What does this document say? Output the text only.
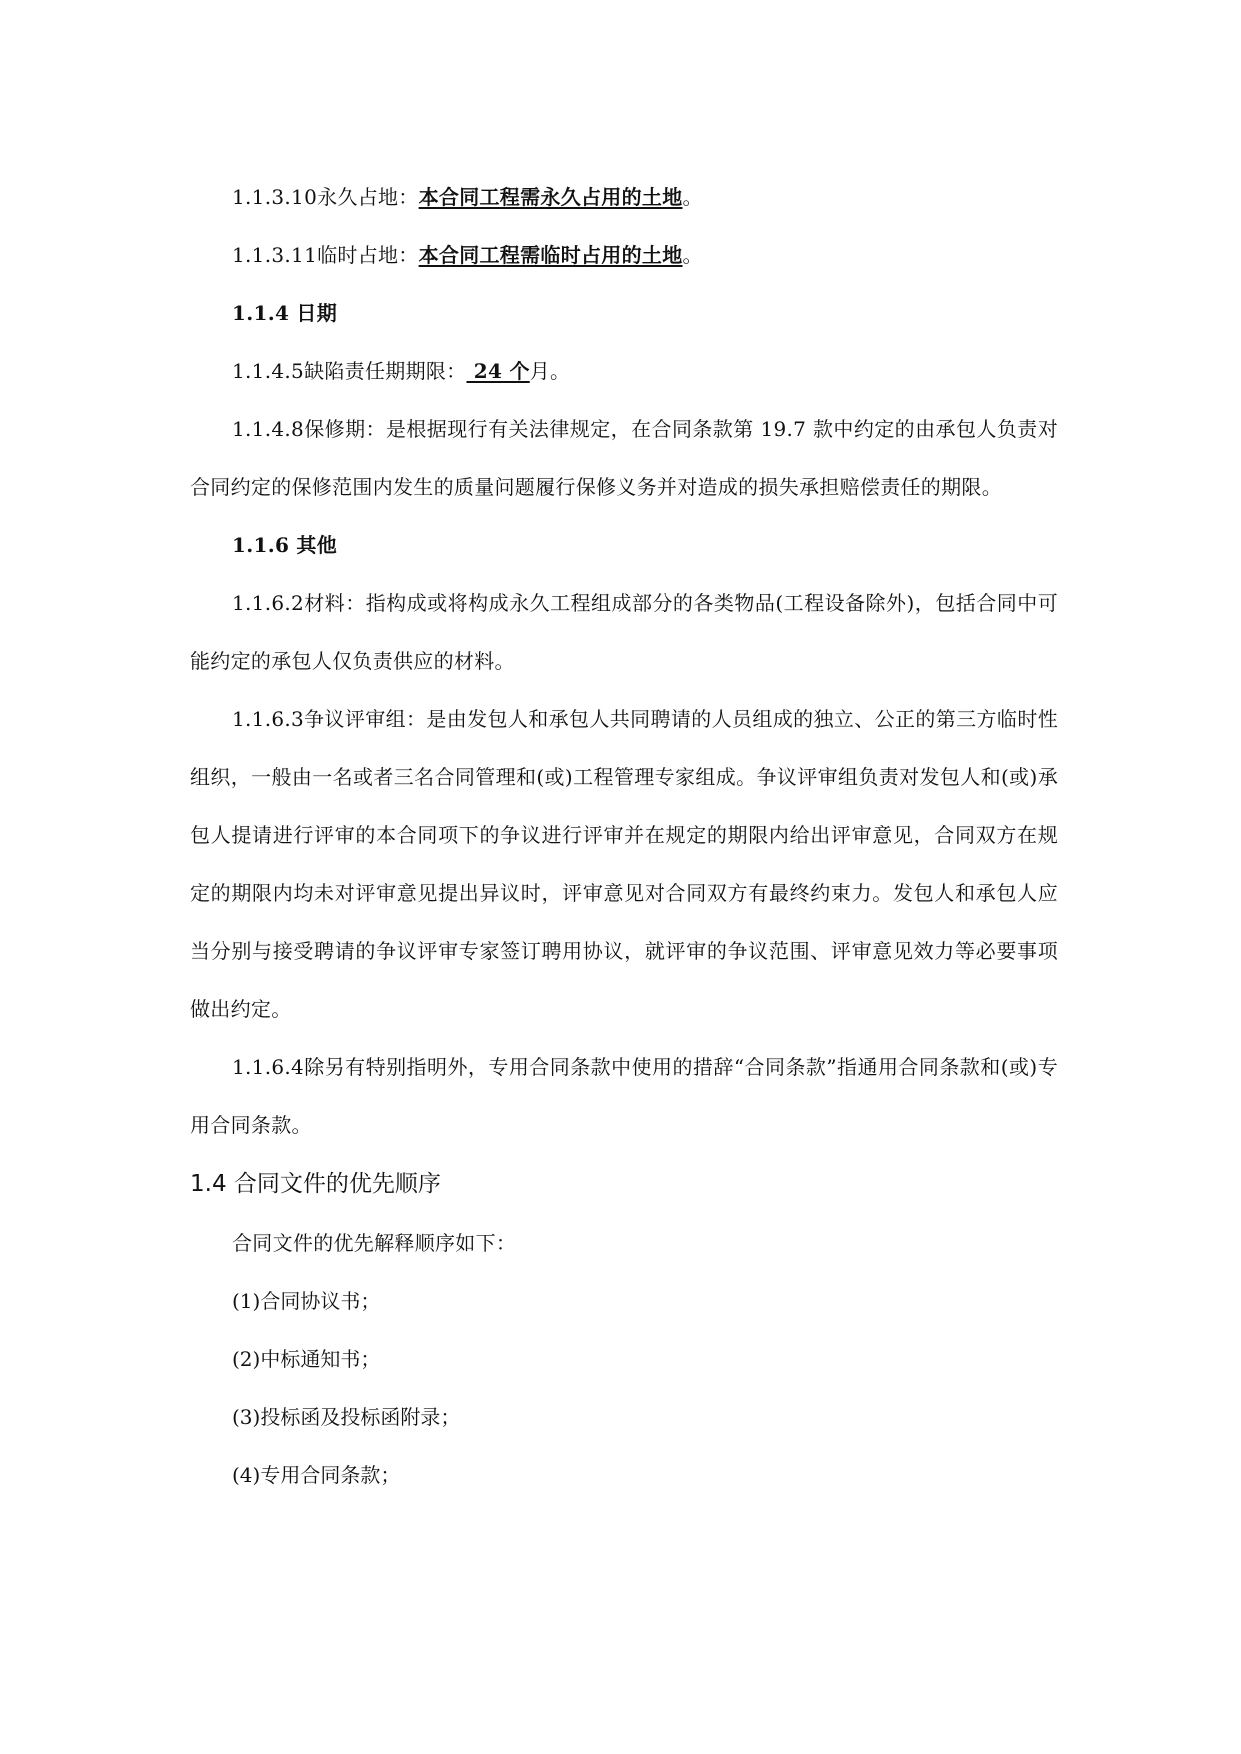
1.1.3.10永久占地：本合同工程需永久占用的土地。

1.1.3.11临时占地：本合同工程需临时占用的土地。

1.1.4 日期

1.1.4.5缺陷责任期期限： 24 个月。

1.1.4.8保修期：是根据现行有关法律规定，在合同条款第 19.7 款中约定的由承包人负责对合同约定的保修范围内发生的质量问题履行保修义务并对造成的损失承担赔偿责任的期限。

1.1.6 其他

1.1.6.2材料：指构成或将构成永久工程组成部分的各类物品(工程设备除外)，包括合同中可能约定的承包人仅负责供应的材料。

1.1.6.3争议评审组：是由发包人和承包人共同聘请的人员组成的独立、公正的第三方临时性组织，一般由一名或者三名合同管理和(或)工程管理专家组成。争议评审组负责对发包人和(或)承包人提请进行评审的本合同项下的争议进行评审并在规定的期限内给出评审意见，合同双方在规定的期限内均未对评审意见提出异议时，评审意见对合同双方有最终约束力。发包人和承包人应当分别与接受聘请的争议评审专家签订聘用协议，就评审的争议范围、评审意见效力等必要事项做出约定。

1.1.6.4除另有特别指明外，专用合同条款中使用的措辞“合同条款”指通用合同条款和(或)专用合同条款。

1.4 合同文件的优先顺序

合同文件的优先解释顺序如下：

(1)合同协议书；

(2)中标通知书；

(3)投标函及投标函附录；

(4)专用合同条款；
